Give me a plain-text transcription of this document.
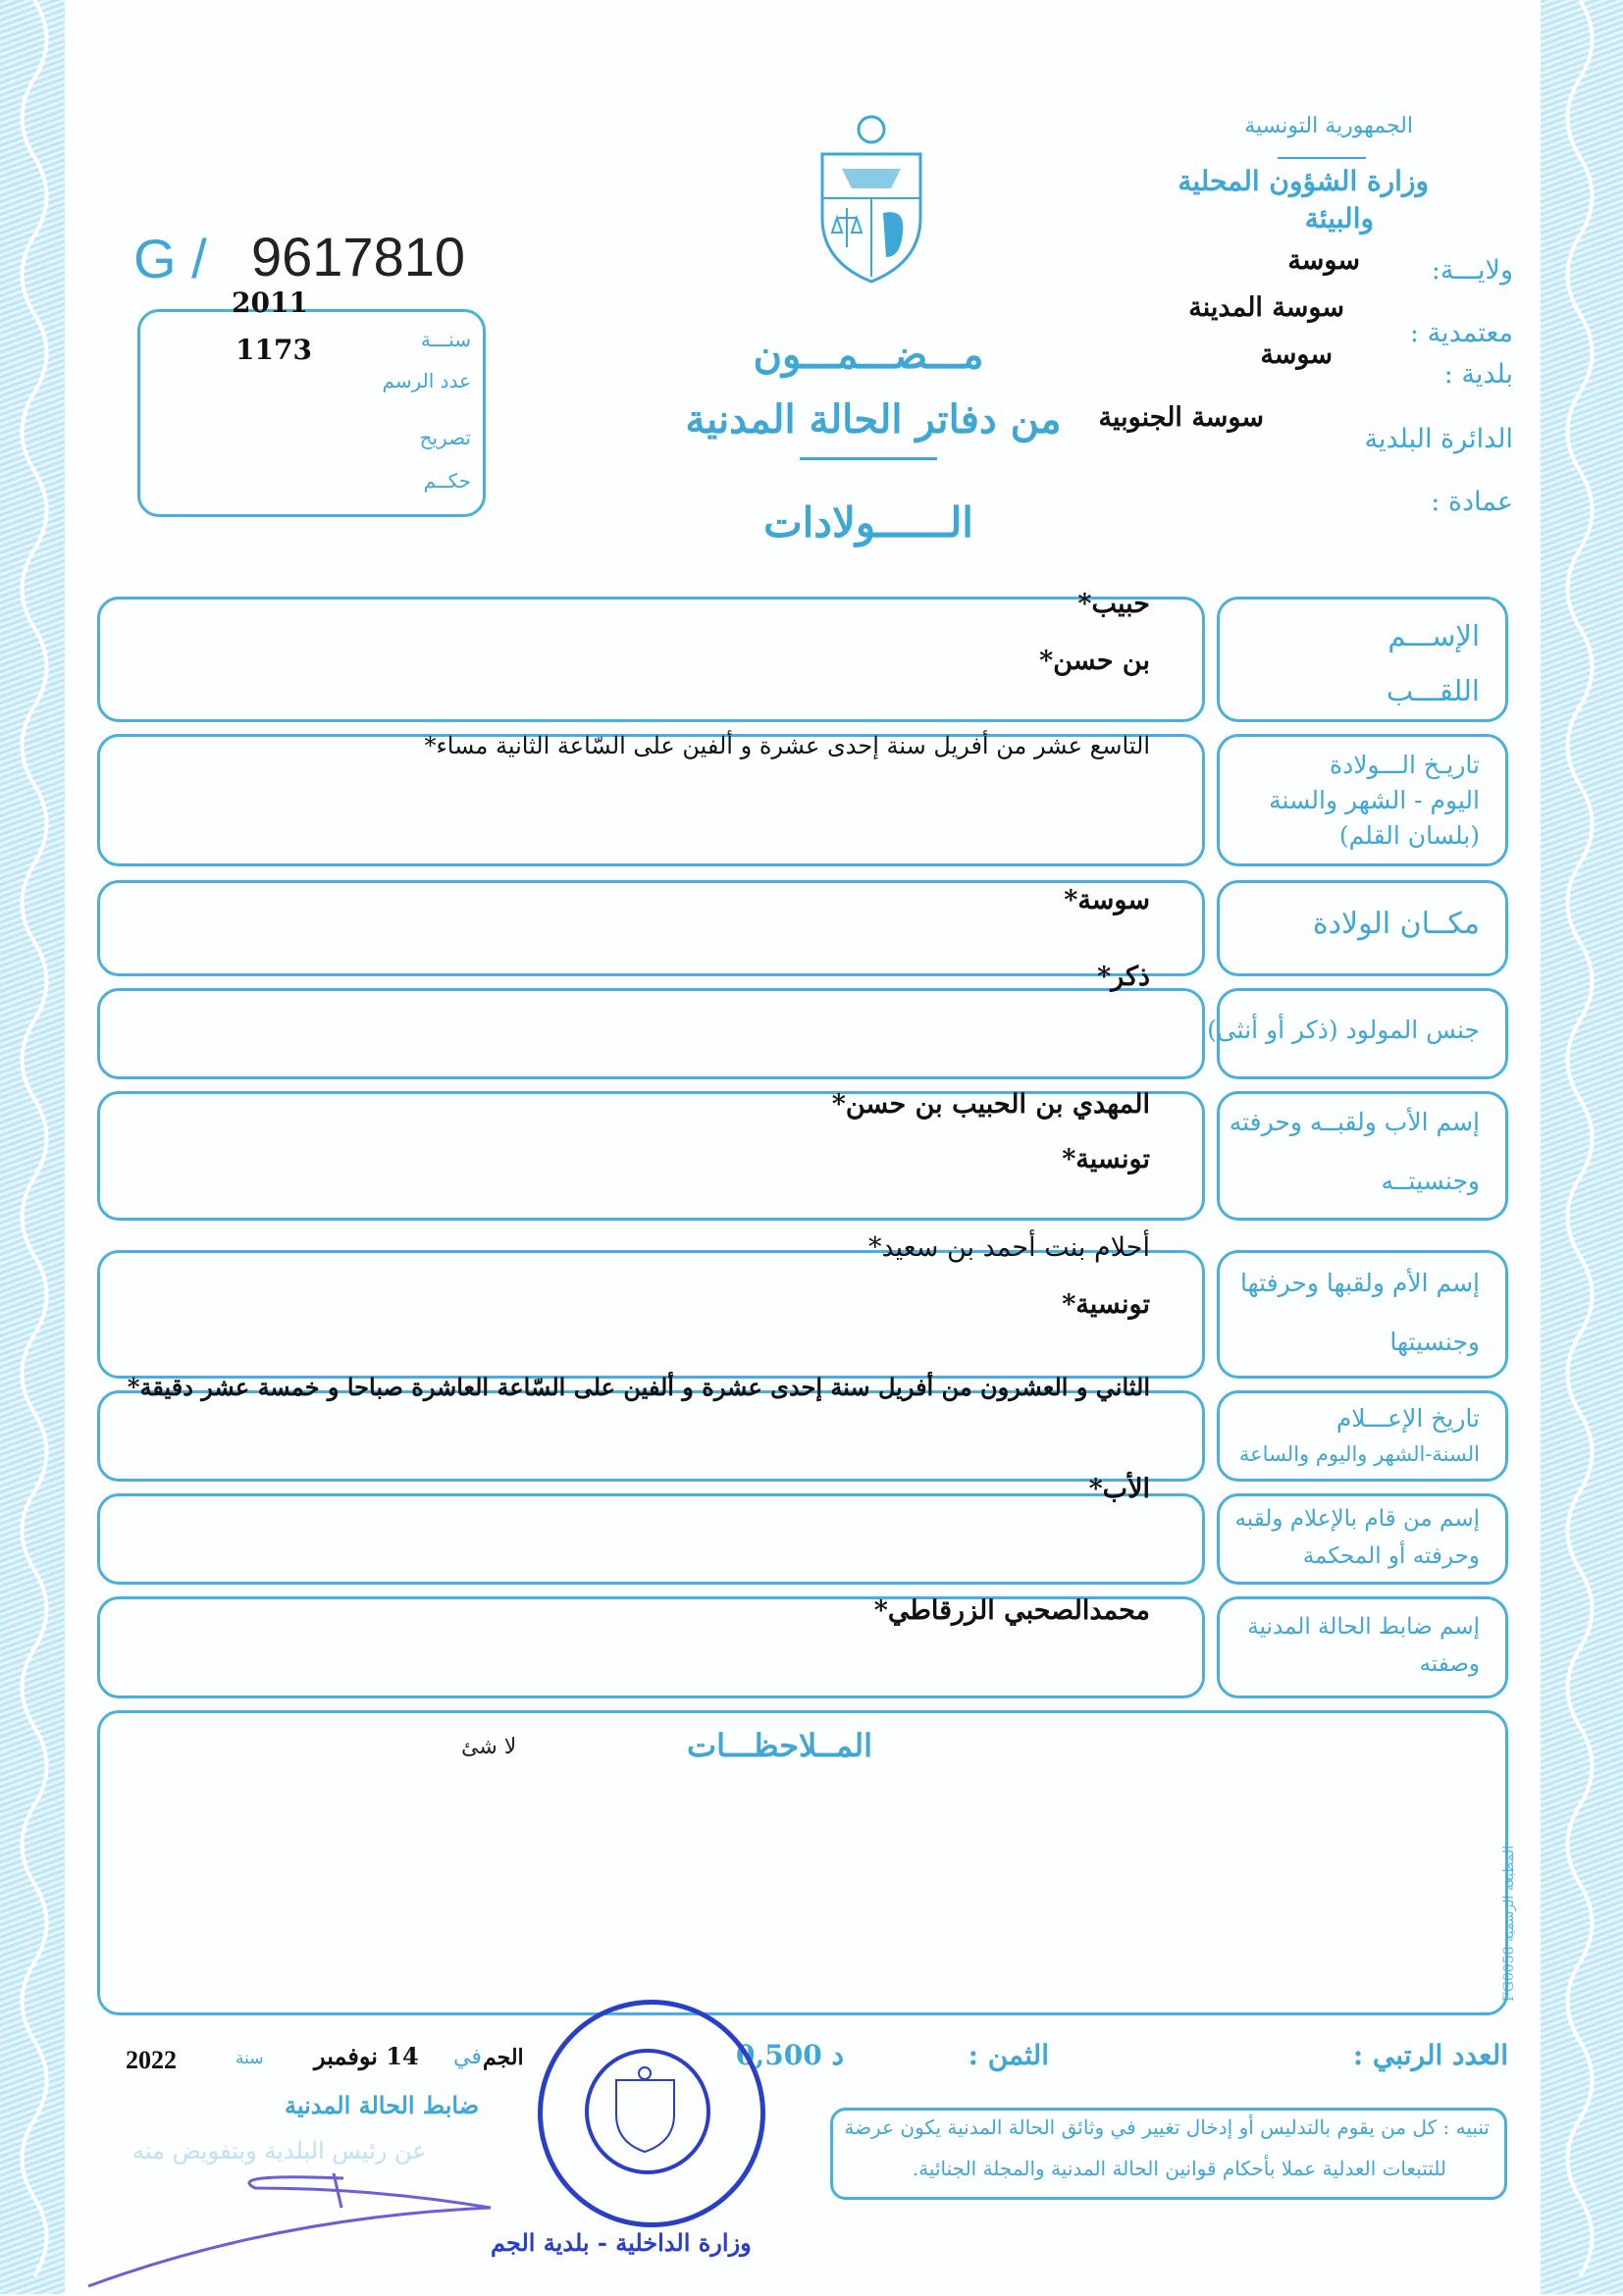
الجمهورية التونسية
وزارة الشؤون المحلية
والبيئة
ولايـــة:
سوسة
معتمدية :
سوسة المدينة
بلدية :
سوسة
الدائرة البلدية
سوسة الجنوبية
عمادة :
G / 9617810
2011
1173	سنـــة
عدد الرسم
تصريح
حكــم
مـــضـــمـــون
من دفاتر الحالة المدنية
الــــــولادات
الإســـم
اللقـــب
تاريـخ الـــولادة
اليوم - الشهر والسنة
(بلسان القلم)
مكــان الولادة
جنس المولود (ذكر أو أنثى)
إسم الأب ولقبــه وحرفته
وجنسيتــه
إسم الأم ولقبها وحرفتها
وجنسيتها
تاريخ الإعـــلام
السنة-الشهر واليوم والساعة
إسم من قام بالإعلام ولقبه
وحرفته أو المحكمة
إسم ضابط الحالة المدنية
وصفته
حبيب*
بن حسن*
التاسع عشر من أفريل سنة إحدى عشرة و ألفين على السّاعة الثانية مساء*
سوسة*
ذكر*
المهدي بن الحبيب بن حسن*
تونسية*
أحلام بنت أحمد بن سعيد*
تونسية*
الثاني و العشرون من أفريل سنة إحدى عشرة و ألفين على السّاعة العاشرة صباحا و خمسة عشر دقيقة*
الأب*
محمدالصحبي الزرقاطي*
المــلاحظـــات
لا شئ
المطبعة الرسمية FG0058
العدد الرتبي :
الثمن :
0,500 د
الجم
في
14 نوفمبر
سنة
2022
ضابط الحالة المدنية
عن رئيس البلدية وبتفويض منه
وزارة الداخلية - بلدية الجم
تنبيه : كل من يقوم بالتدليس أو إدخال تغيير في وثائق الحالة المدنية يكون عرضة
للتتبعات العدلية عملا بأحكام قوانين الحالة المدنية والمجلة الجنائية.
